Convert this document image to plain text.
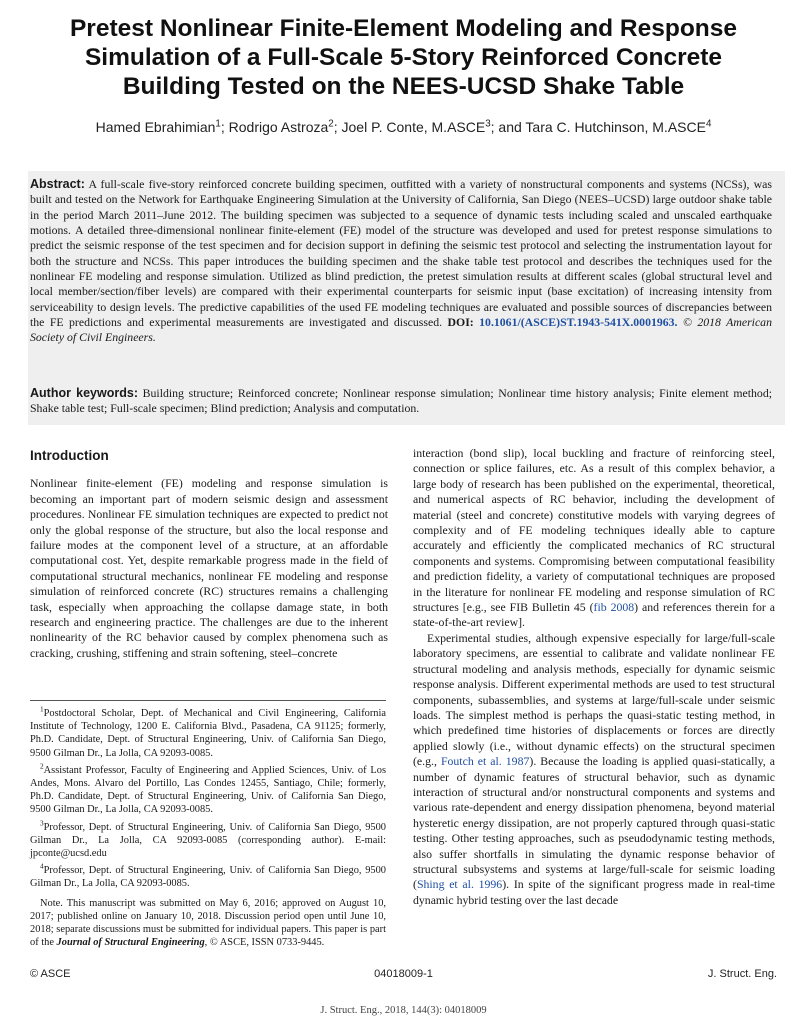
Pretest Nonlinear Finite-Element Modeling and Response
Simulation of a Full-Scale 5-Story Reinforced Concrete
Building Tested on the NEES-UCSD Shake Table
Hamed Ebrahimian$^1$; Rodrigo Astroza$^2$; Joel P. Conte, M.ASCE$^3$; and Tara C. Hutchinson, M.ASCE$^4$
Abstract: A full-scale five-story reinforced concrete building specimen, outfitted with a variety of nonstructural components and systems (NCSs), was built and tested on the Network for Earthquake Engineering Simulation at the University of California, San Diego (NEES–UCSD) large outdoor shake table in the period March 2011–June 2012. The building specimen was subjected to a sequence of dynamic tests including scaled and unscaled earthquake motions. A detailed three-dimensional nonlinear finite-element (FE) model of the structure was developed and used for pretest response simulations to predict the seismic response of the test specimen and for decision support in defining the seismic test protocol and selecting the instrumentation layout for both the structure and NCSs. This paper introduces the building specimen and the shake table test protocol and describes the techniques used for the nonlinear FE modeling and response simulation. Utilized as blind prediction, the pretest simulation results at different scales (global structural level and local member/section/fiber levels) are compared with their experimental counterparts for seismic input (base excitation) of increasing intensity from serviceability to design levels. The predictive capabilities of the used FE modeling techniques are evaluated and possible sources of discrepancies between the FE predictions and experimental measurements are investigated and discussed. DOI: 10.1061/(ASCE)ST.1943-541X.0001963. © 2018 American Society of Civil Engineers.
Author keywords: Building structure; Reinforced concrete; Nonlinear response simulation; Nonlinear time history analysis; Finite element method; Shake table test; Full-scale specimen; Blind prediction; Analysis and computation.
Introduction

Nonlinear finite-element (FE) modeling and response simulation is becoming an important part of modern seismic design and assessment procedures. Nonlinear FE simulation techniques are expected to predict not only the global response of the structure, but also the local response and failure modes at the component level of a structure, at an affordable computational cost. Yet, despite remarkable progress made in the field of computational structural mechanics, nonlinear FE modeling and response simulation of reinforced concrete (RC) structures remains a challenging task, especially when approaching the collapse damage state, in both research and engineering practice. The challenges are due to the inherent nonlinearity of the RC behavior caused by complex phenomena such as cracking, crushing, stiffening and strain softening, steel–concrete

$^1$Postdoctoral Scholar, Dept. of Mechanical and Civil Engineering, California Institute of Technology, 1200 E. California Blvd., Pasadena, CA 91125; formerly, Ph.D. Candidate, Dept. of Structural Engineering, Univ. of California San Diego, 9500 Gilman Dr., La Jolla, CA 92093-0085.

$^2$Assistant Professor, Faculty of Engineering and Applied Sciences, Univ. of Los Andes, Mons. Alvaro del Portillo, Las Condes 12455, Santiago, Chile; formerly, Ph.D. Candidate, Dept. of Structural Engineering, Univ. of California San Diego, 9500 Gilman Dr., La Jolla, CA 92093-0085.

$^3$Professor, Dept. of Structural Engineering, Univ. of California San Diego, 9500 Gilman Dr., La Jolla, CA 92093-0085 (corresponding author). E-mail: jpconte@ucsd.edu

$^4$Professor, Dept. of Structural Engineering, Univ. of California San Diego, 9500 Gilman Dr., La Jolla, CA 92093-0085.

Note. This manuscript was submitted on May 6, 2016; approved on August 10, 2017; published online on January 10, 2018. Discussion period open until June 10, 2018; separate discussions must be submitted for individual papers. This paper is part of the Journal of Structural Engineering, © ASCE, ISSN 0733-9445.

interaction (bond slip), local buckling and fracture of reinforcing steel, connection or splice failures, etc. As a result of this complex behavior, a large body of research has been published on the experimental, theoretical, and numerical aspects of RC behavior, including the development of material (steel and concrete) constitutive models with varying degrees of complexity and of FE modeling techniques ideally able to capture accurately and efficiently the complicated mechanics of RC structural components and systems. Compromising between computational feasibility and prediction fidelity, a variety of computational techniques are proposed in the literature for nonlinear FE modeling and response simulation of RC structures [e.g., see FIB Bulletin 45 (fib 2008) and references therein for a state-of-the-art review].

Experimental studies, although expensive especially for large/full-scale laboratory specimens, are essential to calibrate and validate nonlinear FE structural modeling and analysis methods, especially for dynamic seismic response analysis. Different experimental methods are used to test structural components, subassemblies, and systems at large/full-scale under seismic loads. The simplest method is perhaps the quasi-static testing method, in which predefined time histories of displacements or forces are directly applied slowly (i.e., without dynamic effects) on the structural specimen (e.g., Foutch et al. 1987). Because the loading is applied quasi-statically, a number of dynamic features of structural behavior, such as dynamic interaction of structural and/or nonstructural components and systems and various rate-dependent and energy dissipation phenomena, beyond material hysteretic energy dissipation, are not properly captured through quasi-static testing. Other testing approaches, such as pseudodynamic testing methods, also suffer shortfalls in simulating the dynamic response behavior of structural subsystems and systems at large/full-scale for seismic loading (Shing et al. 1996). In spite of the significant progress made in real-time dynamic hybrid testing over the last decade

© ASCE	04018009-1	J. Struct. Eng.
J. Struct. Eng., 2018, 144(3): 04018009
